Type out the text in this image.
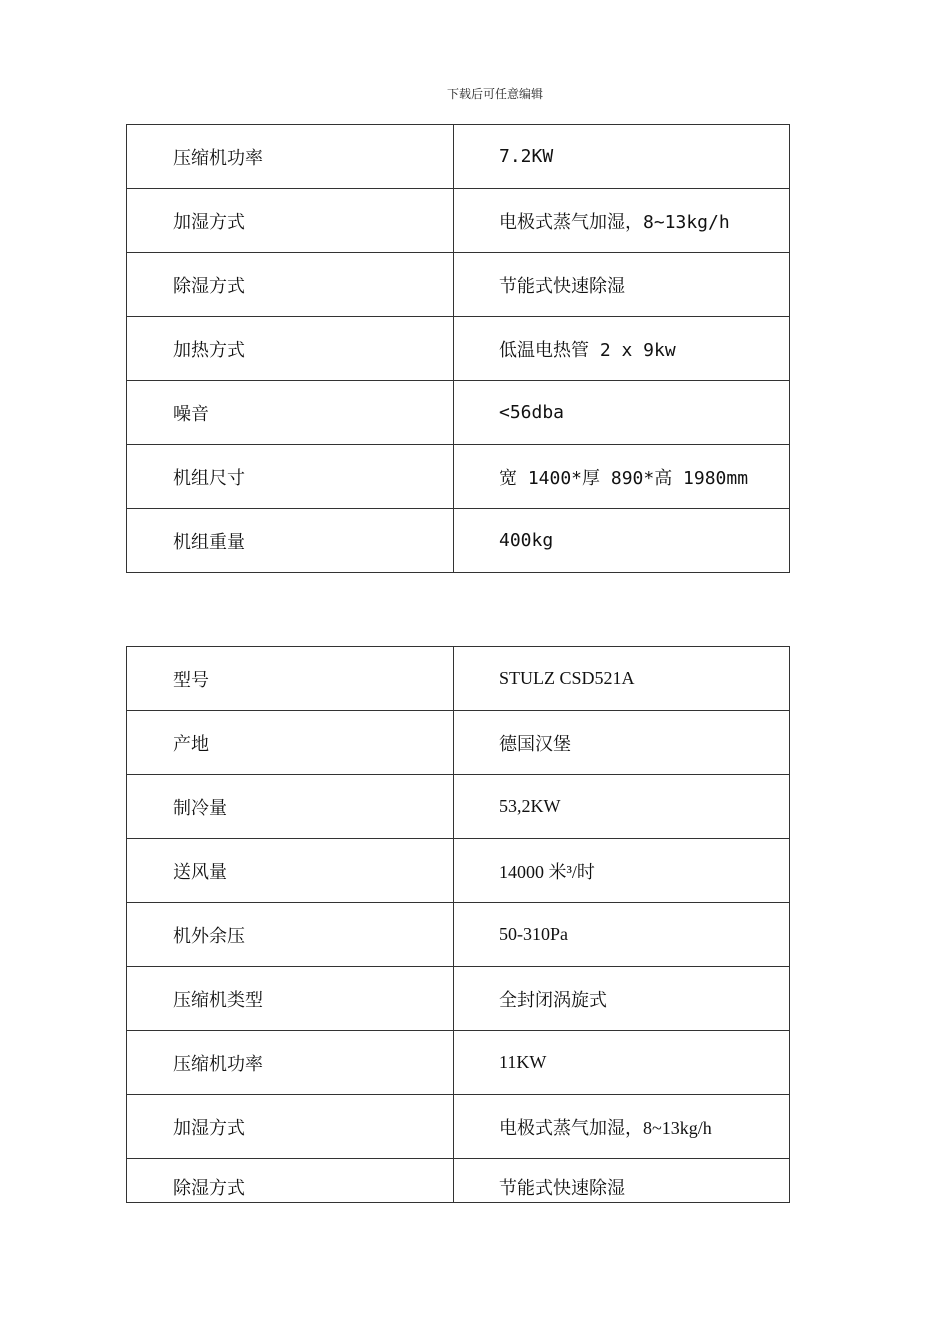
下载后可任意编辑
压缩机功率	7.2KW
加湿方式	电极式蒸气加湿，8~13kg/h
除湿方式	节能式快速除湿
加热方式	低温电热管 2 x 9kw
噪音	<56dba
机组尺寸	宽 1400*厚 890*高 1980mm
机组重量	400kg
型号	STULZ CSD521A
产地	德国汉堡
制冷量	53,2KW
送风量	14000 米³/时
机外余压	50-310Pa
压缩机类型	全封闭涡旋式
压缩机功率	11KW
加湿方式	电极式蒸气加湿，8~13kg/h
除湿方式	节能式快速除湿
